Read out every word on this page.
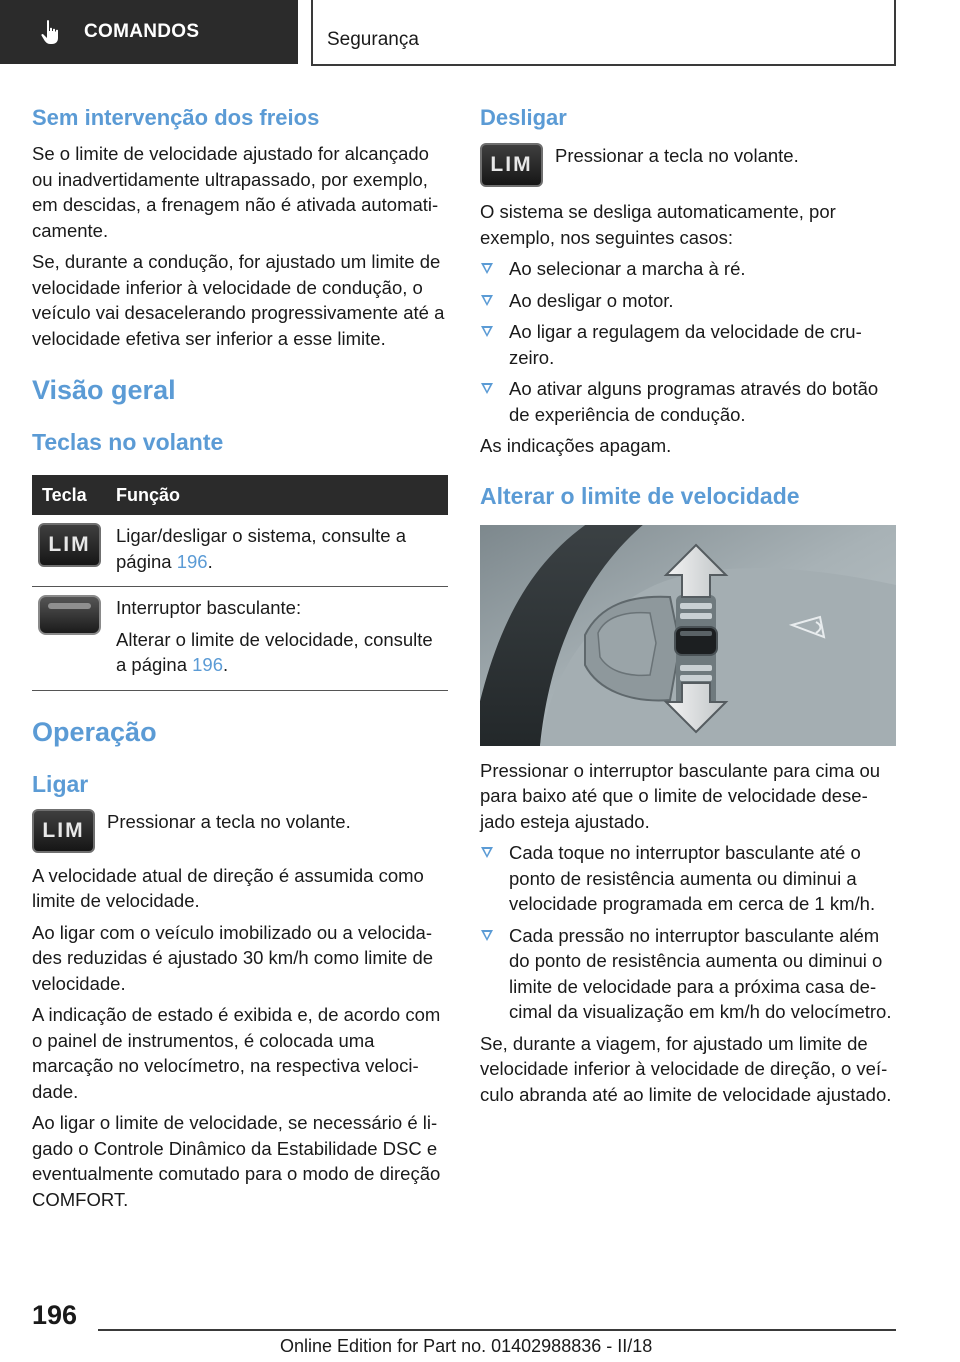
COMANDOS	Segurança
Sem intervenção dos freios

Se o limite de velocidade ajustado for alcançado ou inadvertidamente ultrapassado, por exemplo, em descidas, a frenagem não é ativada automaticamente.

Se, durante a condução, for ajustado um limite de velocidade inferior à velocidade de condução, o veículo vai desacelerando progressivamente até a velocidade efetiva ser inferior a esse limite.

Visão geral
Teclas no volante
Tecla	Função

LIM	Ligar/desligar o sistema, consulte a página 196.

	Interruptor basculante:
Alterar o limite de velocidade, consulte a página 196.
Operação
Ligar
LIM	Pressionar a tecla no volante.

A velocidade atual de direção é assumida como limite de velocidade.

Ao ligar com o veículo imobilizado ou a velocidades reduzidas é ajustado 30 km/h como limite de velocidade.

A indicação de estado é exibida e, de acordo com o painel de instrumentos, é colocada uma marcação no velocímetro, na respectiva velocidade.

Ao ligar o limite de velocidade, se necessário é ligado o Controle Dinâmico da Estabilidade DSC e eventualmente comutado para o modo de direção COMFORT.

Desligar
LIM	Pressionar a tecla no volante.

O sistema se desliga automaticamente, por exemplo, nos seguintes casos:

Ao selecionar a marcha à ré.
Ao desligar o motor.
Ao ligar a regulagem da velocidade de cruzeiro.
Ao ativar alguns programas através do botão de experiência de condução.

As indicações apagam.

Alterar o limite de velocidade

Pressionar o interruptor basculante para cima ou para baixo até que o limite de velocidade desejado esteja ajustado.

Cada toque no interruptor basculante até o ponto de resistência aumenta ou diminui a velocidade programada em cerca de 1 km/h.
Cada pressão no interruptor basculante além do ponto de resistência aumenta ou diminui o limite de velocidade para a próxima casa decimal da visualização em km/h do velocímetro.

Se, durante a viagem, for ajustado um limite de velocidade inferior à velocidade de direção, o veículo abranda até ao limite de velocidade ajustado.

196
Online Edition for Part no. 01402988836 - II/18
